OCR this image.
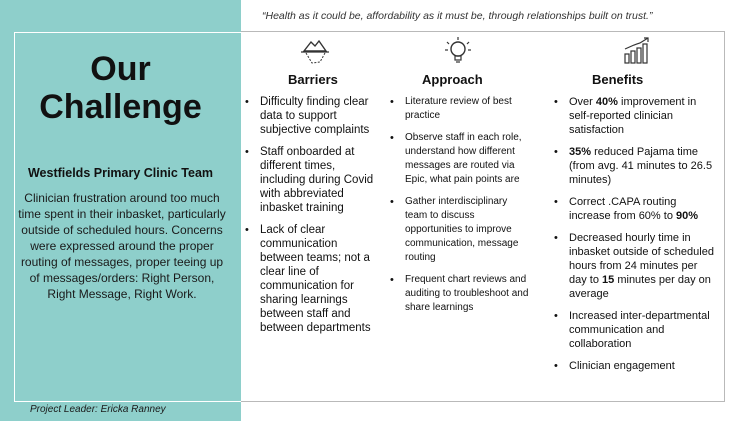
Our
Challenge
Westfields Primary Clinic Team
Clinician frustration around too much time spent in their inbasket, particularly outside of scheduled hours. Concerns were expressed around the proper routing of messages, proper teeing up of messages/orders: Right Person, Right Message, Right Work.
Project Leader: Ericka Ranney
“Health as it could be, affordability as it must be, through relationships built on trust.”
Barriers
• Difficulty finding clear data to support subjective complaints
• Staff onboarded at different times, including during Covid with abbreviated inbasket training
• Lack of clear communication between teams; not a clear line of communication for sharing learnings between staff and between departments
Approach
• Literature review of best practice
• Observe staff in each role, understand how different messages are routed via Epic, what pain points are
• Gather interdisciplinary team to discuss opportunities to improve communication, message routing
• Frequent chart reviews and auditing to troubleshoot and share learnings
Benefits
• Over 40% improvement in self-reported clinician satisfaction
• 35% reduced Pajama time (from avg. 41 minutes to 26.5 minutes)
• Correct .CAPA routing increase from 60% to 90%
• Decreased hourly time in inbasket outside of scheduled hours from 24 minutes per day to 15 minutes per day on average
• Increased inter-departmental communication and collaboration
• Clinician engagement
